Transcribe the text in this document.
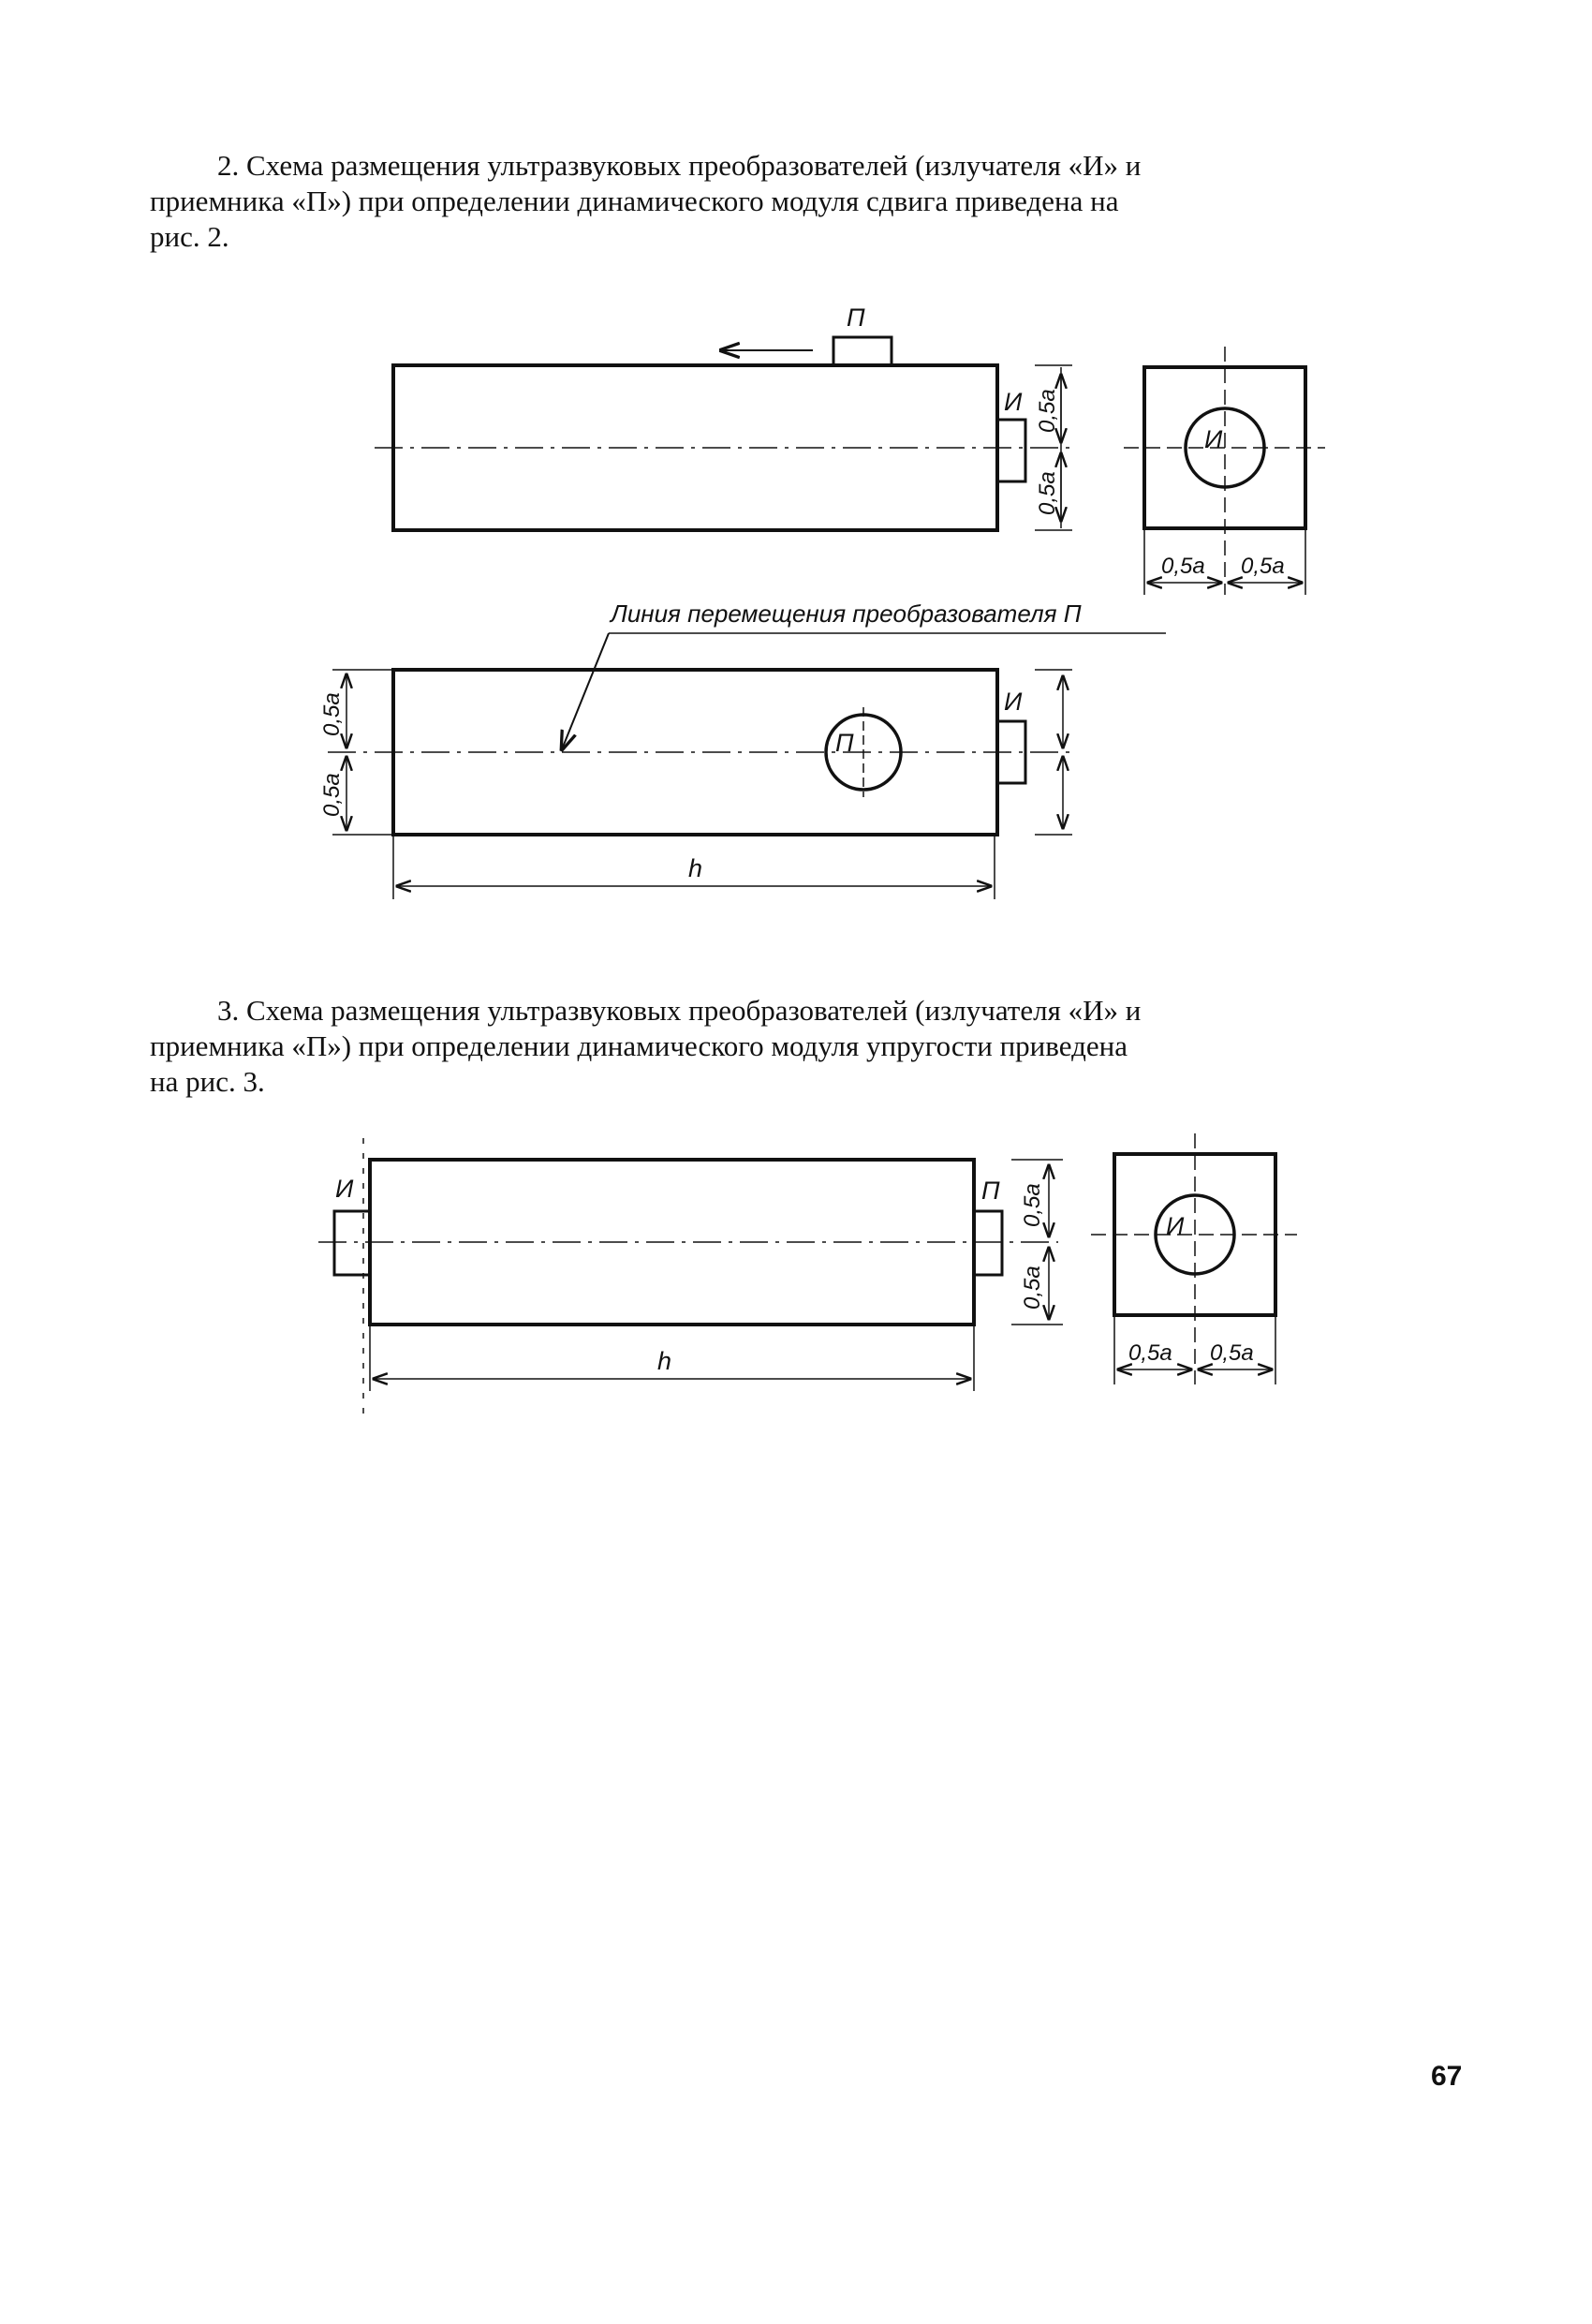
2. Схема размещения ультразвуковых преобразователей (излучателя «И» и
приемника «П») при определении динамического модуля сдвига приведена на
рис. 2.

3. Схема размещения ультразвуковых преобразователей (излучателя «И» и
приемника «П») при определении динамического модуля упругости приведена
на рис. 3.

П
И 0,5a
0,5a
И
0,5a 0,5a
Линия перемещения преобразователя П
П
И
0,5a
0,5a
h
И	П 0,5a
0,5a
h
И
0,5a 0,5a
67
